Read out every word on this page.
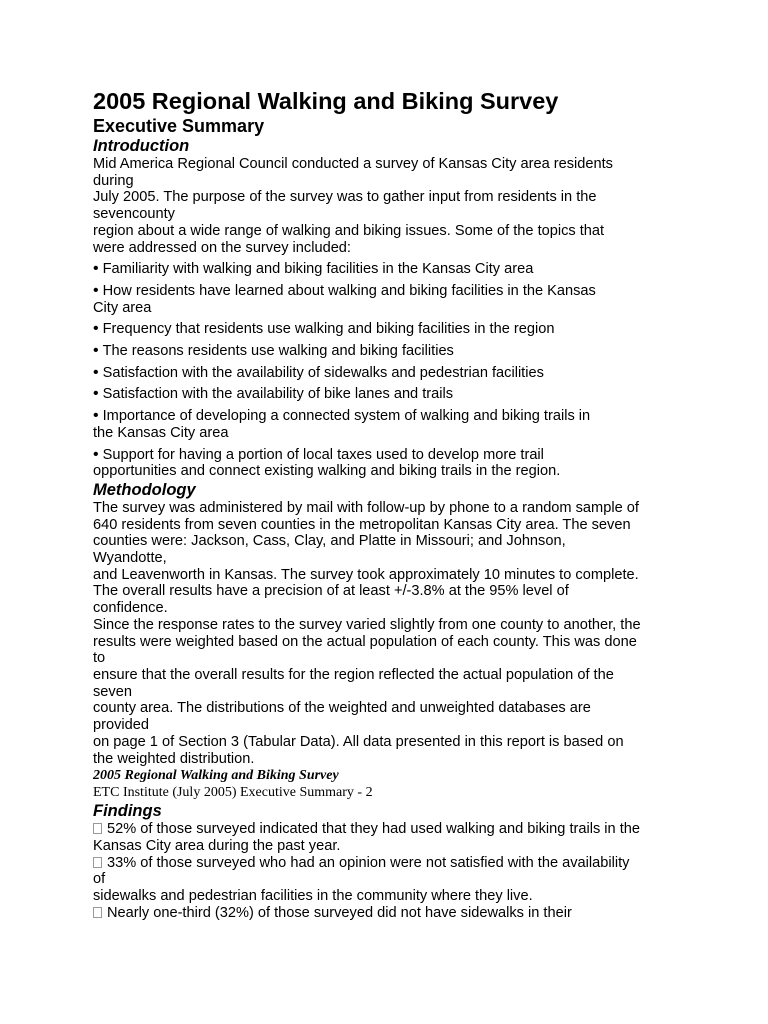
2005 Regional Walking and Biking Survey
Executive Summary
Introduction

Mid America Regional Council conducted a survey of Kansas City area residents

during

July 2005. The purpose of the survey was to gather input from residents in the

sevencounty

region about a wide range of walking and biking issues. Some of the topics that

were addressed on the survey included:

• Familiarity with walking and biking facilities in the Kansas City area

• How residents have learned about walking and biking facilities in the Kansas

City area

• Frequency that residents use walking and biking facilities in the region

• The reasons residents use walking and biking facilities

• Satisfaction with the availability of sidewalks and pedestrian facilities

• Satisfaction with the availability of bike lanes and trails

• Importance of developing a connected system of walking and biking trails in

the Kansas City area

• Support for having a portion of local taxes used to develop more trail

opportunities and connect existing walking and biking trails in the region.

Methodology

The survey was administered by mail with follow-up by phone to a random sample of

640 residents from seven counties in the metropolitan Kansas City area. The seven

counties were: Jackson, Cass, Clay, and Platte in Missouri; and Johnson,

Wyandotte,

and Leavenworth in Kansas. The survey took approximately 10 minutes to complete.

The overall results have a precision of at least +/-3.8% at the 95% level of

confidence.

Since the response rates to the survey varied slightly from one county to another, the

results were weighted based on the actual population of each county. This was done

to

ensure that the overall results for the region reflected the actual population of the

seven

county area. The distributions of the weighted and unweighted databases are

provided

on page 1 of Section 3 (Tabular Data). All data presented in this report is based on

the weighted distribution.

2005 Regional Walking and Biking Survey

ETC Institute (July 2005) Executive Summary - 2

Findings

52% of those surveyed indicated that they had used walking and biking trails in the

Kansas City area during the past year.

33% of those surveyed who had an opinion were not satisfied with the availability

of

sidewalks and pedestrian facilities in the community where they live.

Nearly one-third (32%) of those surveyed did not have sidewalks in their
